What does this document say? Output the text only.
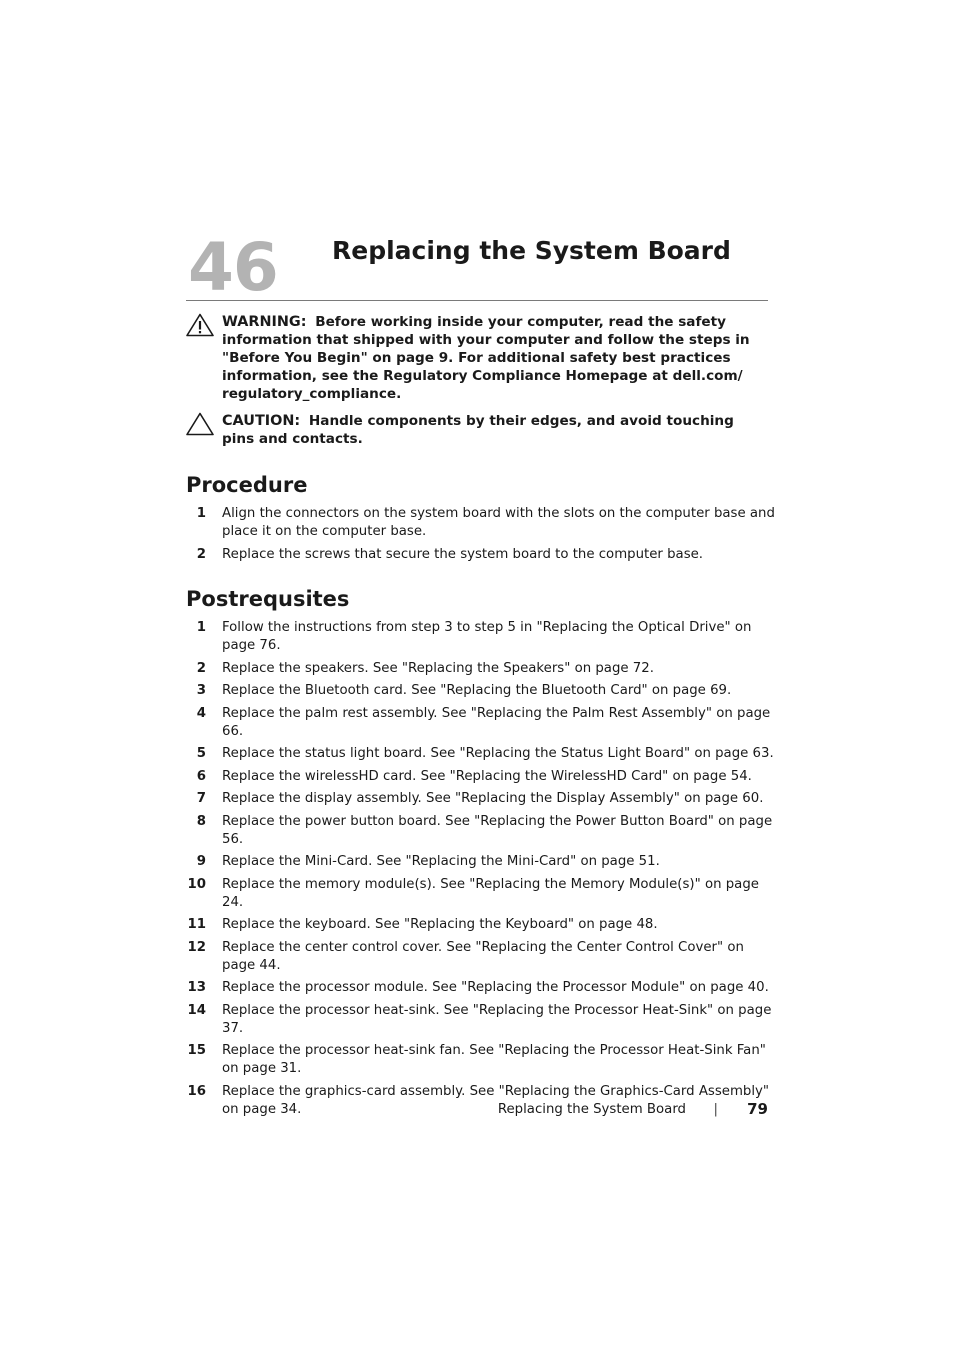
46 Replacing the System Board
WARNING: Before working inside your computer, read the safety information that shipped with your computer and follow the steps in "Before You Begin" on page 9. For additional safety best practices information, see the Regulatory Compliance Homepage at dell.com/ regulatory_compliance.
CAUTION: Handle components by their edges, and avoid touching pins and contacts.
Procedure
1 Align the connectors on the system board with the slots on the computer base and place it on the computer base.
2 Replace the screws that secure the system board to the computer base.
Postrequsites
1 Follow the instructions from step 3 to step 5 in "Replacing the Optical Drive" on page 76.
2 Replace the speakers. See "Replacing the Speakers" on page 72.
3 Replace the Bluetooth card. See "Replacing the Bluetooth Card" on page 69.
4 Replace the palm rest assembly. See "Replacing the Palm Rest Assembly" on page 66.
5 Replace the status light board. See "Replacing the Status Light Board" on page 63.
6 Replace the wirelessHD card. See "Replacing the WirelessHD Card" on page 54.
7 Replace the display assembly. See "Replacing the Display Assembly" on page 60.
8 Replace the power button board. See "Replacing the Power Button Board" on page 56.
9 Replace the Mini-Card. See "Replacing the Mini-Card" on page 51.
10 Replace the memory module(s). See "Replacing the Memory Module(s)" on page 24.
11 Replace the keyboard. See "Replacing the Keyboard" on page 48.
12 Replace the center control cover. See "Replacing the Center Control Cover" on page 44.
13 Replace the processor module. See "Replacing the Processor Module" on page 40.
14 Replace the processor heat-sink. See "Replacing the Processor Heat-Sink" on page 37.
15 Replace the processor heat-sink fan. See "Replacing the Processor Heat-Sink Fan" on page 31.
16 Replace the graphics-card assembly. See "Replacing the Graphics-Card Assembly" on page 34.	Replacing the System Board | 79
